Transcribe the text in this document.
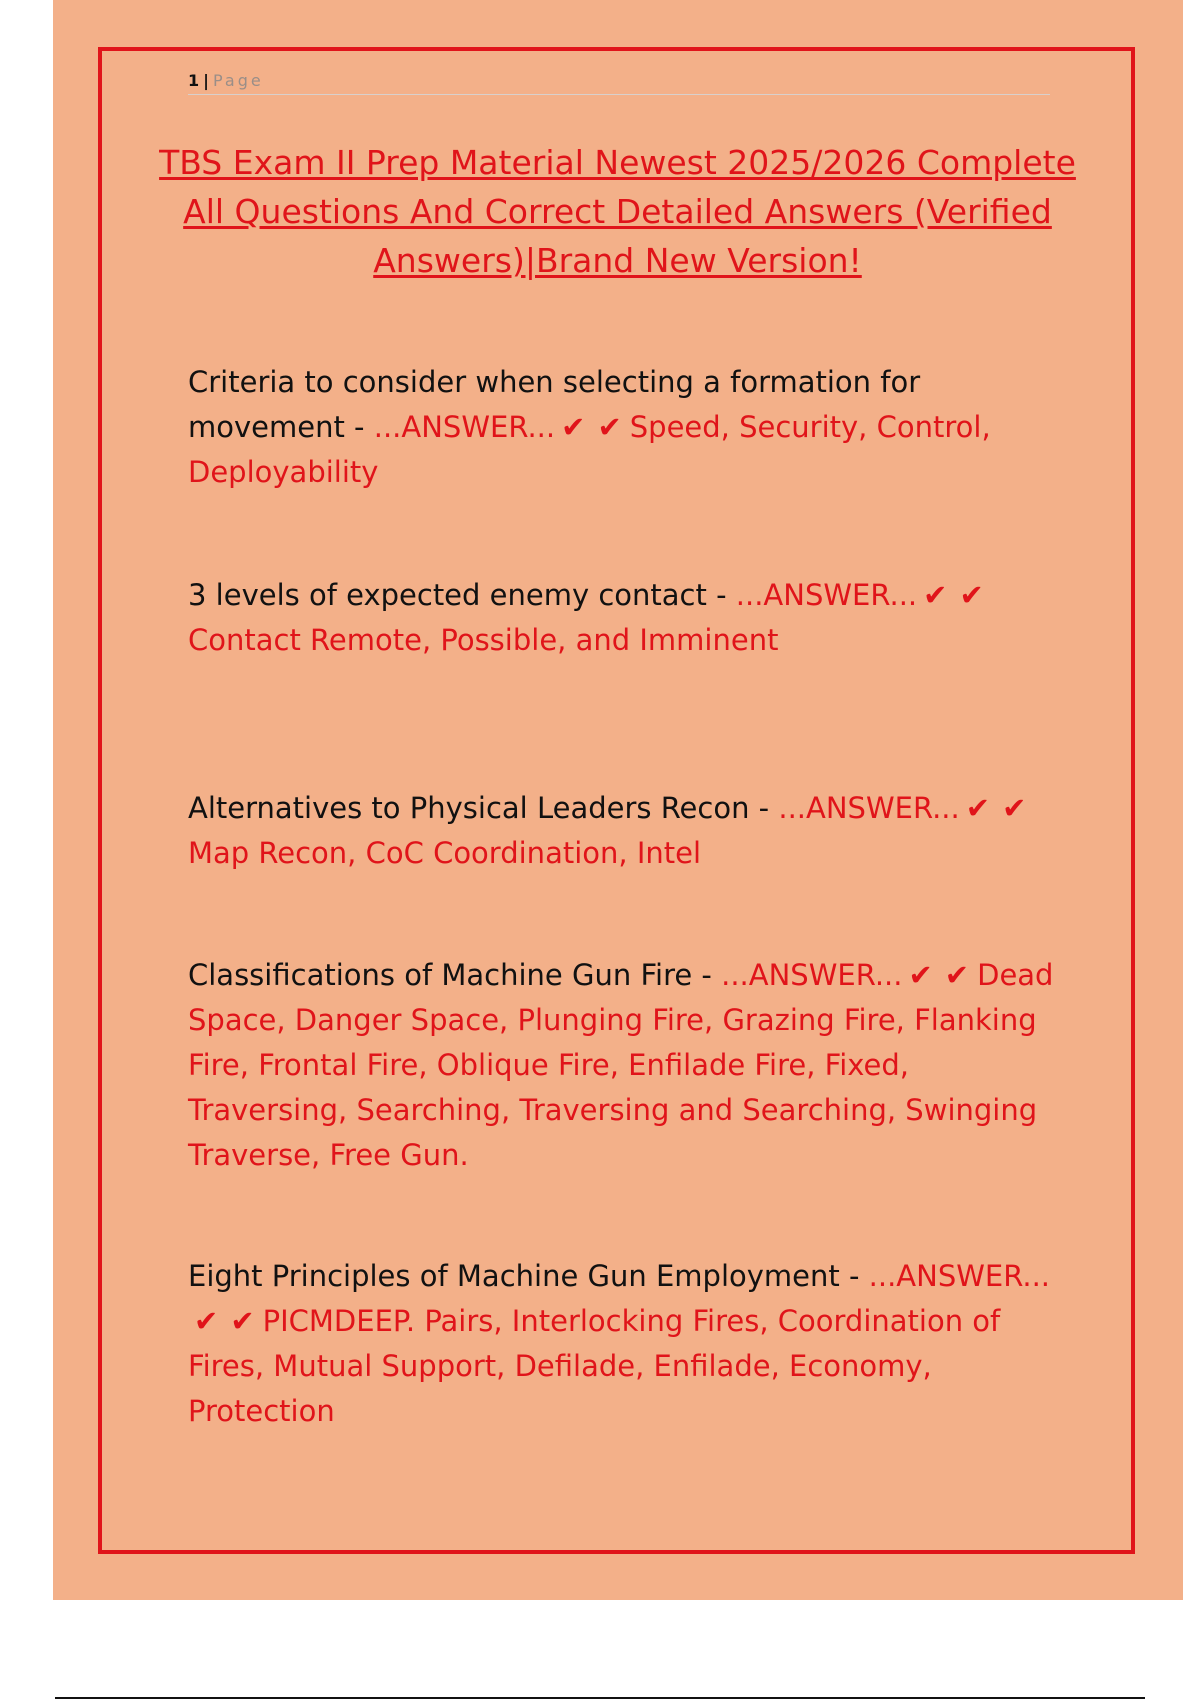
1 | Page
TBS Exam II Prep Material Newest 2025/2026 Complete All Questions And Correct Detailed Answers (Verified Answers)|Brand New Version!

Criteria to consider when selecting a formation for movement - ...ANSWER... ✔ ✔ Speed, Security, Control, Deployability

3 levels of expected enemy contact - ...ANSWER... ✔ ✔Contact Remote, Possible, and Imminent

Alternatives to Physical Leaders Recon - ...ANSWER... ✔ ✔Map Recon, CoC Coordination, Intel

Classifications of Machine Gun Fire - ...ANSWER... ✔ ✔ Dead Space, Danger Space, Plunging Fire, Grazing Fire, Flanking Fire, Frontal Fire, Oblique Fire, Enfilade Fire, Fixed, Traversing, Searching, Traversing and Searching, Swinging Traverse, Free Gun.

Eight Principles of Machine Gun Employment - ...ANSWER...✔ ✔ PICMDEEP. Pairs, Interlocking Fires, Coordination of Fires, Mutual Support, Defilade, Enfilade, Economy, Protection
